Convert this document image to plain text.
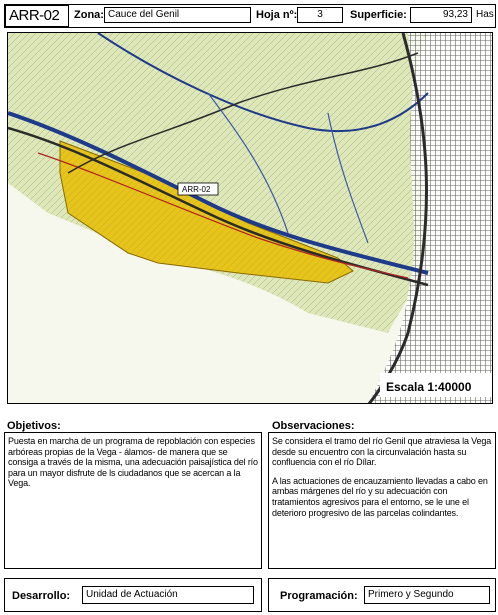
ARR-02	Zona: Cauce del Genil	Hoja nº:	3	Superficie:	93,23 Has
Escala 1:40000
ARR-02
Objetivos:
Puesta en marcha de un programa de repoblación con especies arbóreas propias de la Vega - álamos- de manera que se consiga a través de la misma, una adecuación paisajística del río para un mayor disfrute de ls ciudadanos que se acercan a la Vega.
Observaciones:

Se considera el tramo del río Genil que atraviesa la Vega desde su encuentro con la circunvalación hasta su confluencia con el río Dílar.

A las actuaciones de encauzamiento llevadas a cabo en ambas márgenes del río y su adecuación con tratamientos agresivos para el entorno, se le une el deterioro progresivo de las parcelas colindantes.

Desarrollo:	Unidad de Actuación	Programación:	Primero y Segundo
